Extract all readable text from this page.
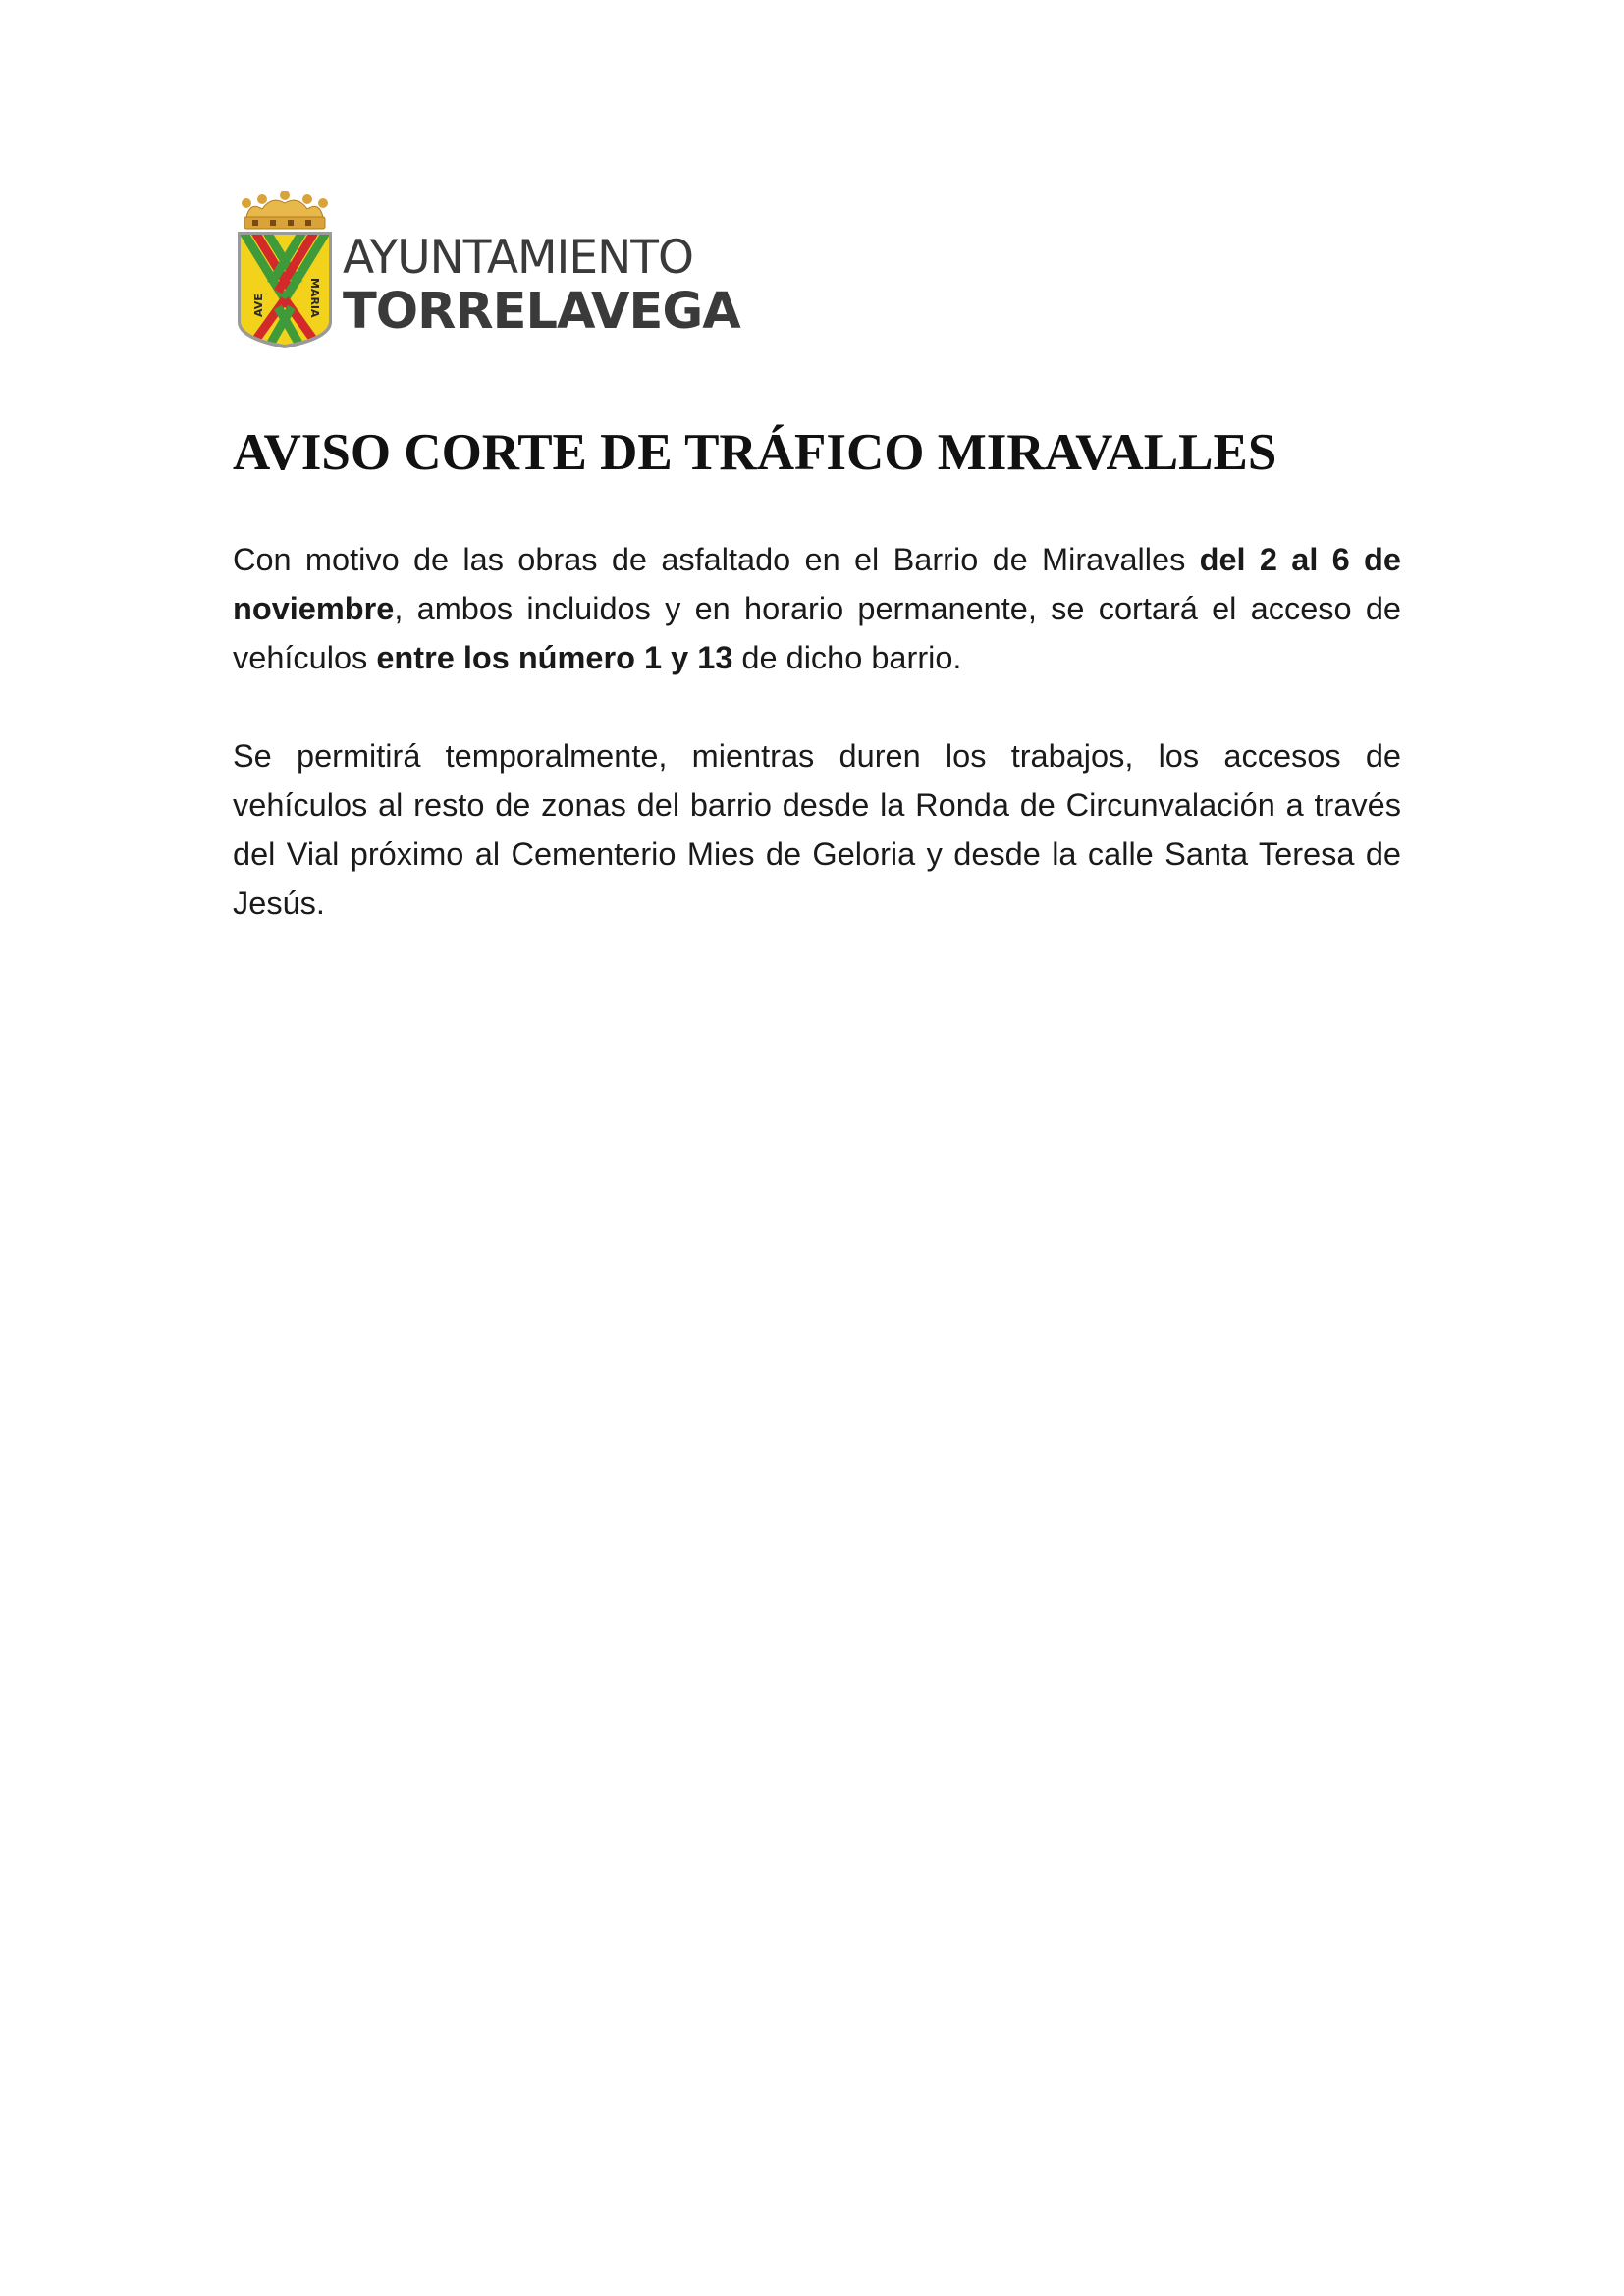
AVE	MARIA
AYUNTAMIENTO
TORRELAVEGA
AVISO CORTE DE TRÁFICO MIRAVALLES

Con motivo de las obras de asfaltado en el Barrio de Miravalles del 2 al 6 de noviembre, ambos incluidos y en horario permanente, se cortará el acceso de vehículos entre los número 1 y 13 de dicho barrio.

Se permitirá temporalmente, mientras duren los trabajos, los accesos de vehículos al resto de zonas del barrio desde la Ronda de Circunvalación a través del Vial próximo al Cementerio Mies de Geloria y desde la calle Santa Teresa de Jesús.
